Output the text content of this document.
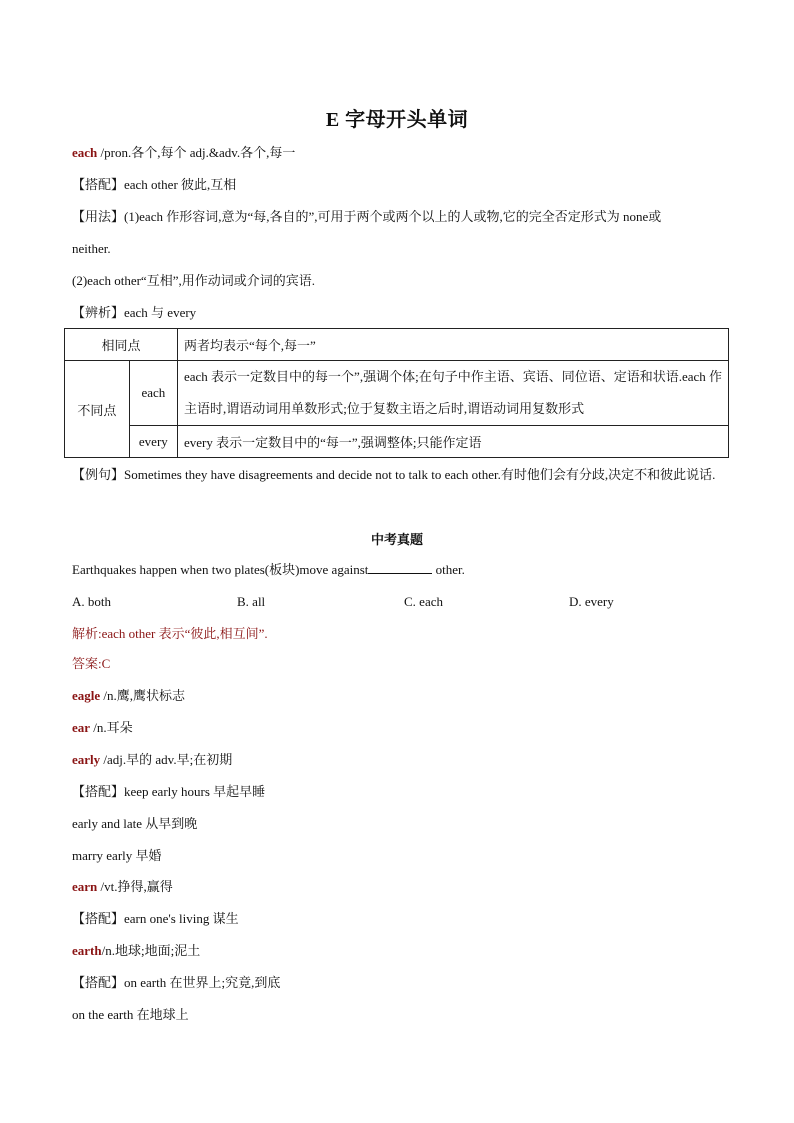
E 字母开头单词
each /pron.各个,每个 adj.&adv.各个,每一
【搭配】each other 彼此,互相
【用法】(1)each 作形容词,意为“每,各自的”,可用于两个或两个以上的人或物,它的完全否定形式为 none或
neither.
(2)each other“互相”,用作动词或介词的宾语.
【辨析】each 与 every
相同点		两者均表示“每个,每一”
不同点	each	each 表示一定数目中的每一个”,强调个体;在句子中作主语、宾语、同位语、定语和状语.each 作主语时,谓语动词用单数形式;位于复数主语之后时,谓语动词用复数形式
	every	every 表示一定数目中的“每一”,强调整体;只能作定语
【例句】Sometimes they have disagreements and decide not to talk to each other.有时他们会有分歧,决定不和彼此说话.
中考真题
Earthquakes happen when two plates(板块)move against	other.
A. both	B. all	C. each	D. every
解析:each other 表示“彼此,相互间”.
答案:C
eagle /n.鹰,鹰状标志
ear /n.耳朵
early /adj.早的 adv.早;在初期
【搭配】keep early hours 早起早睡
early and late 从早到晚
marry early 早婚
earn /vt.挣得,赢得
【搭配】earn one's living 谋生
earth/n.地球;地面;泥土
【搭配】on earth 在世界上;究竟,到底
on the earth 在地球上
